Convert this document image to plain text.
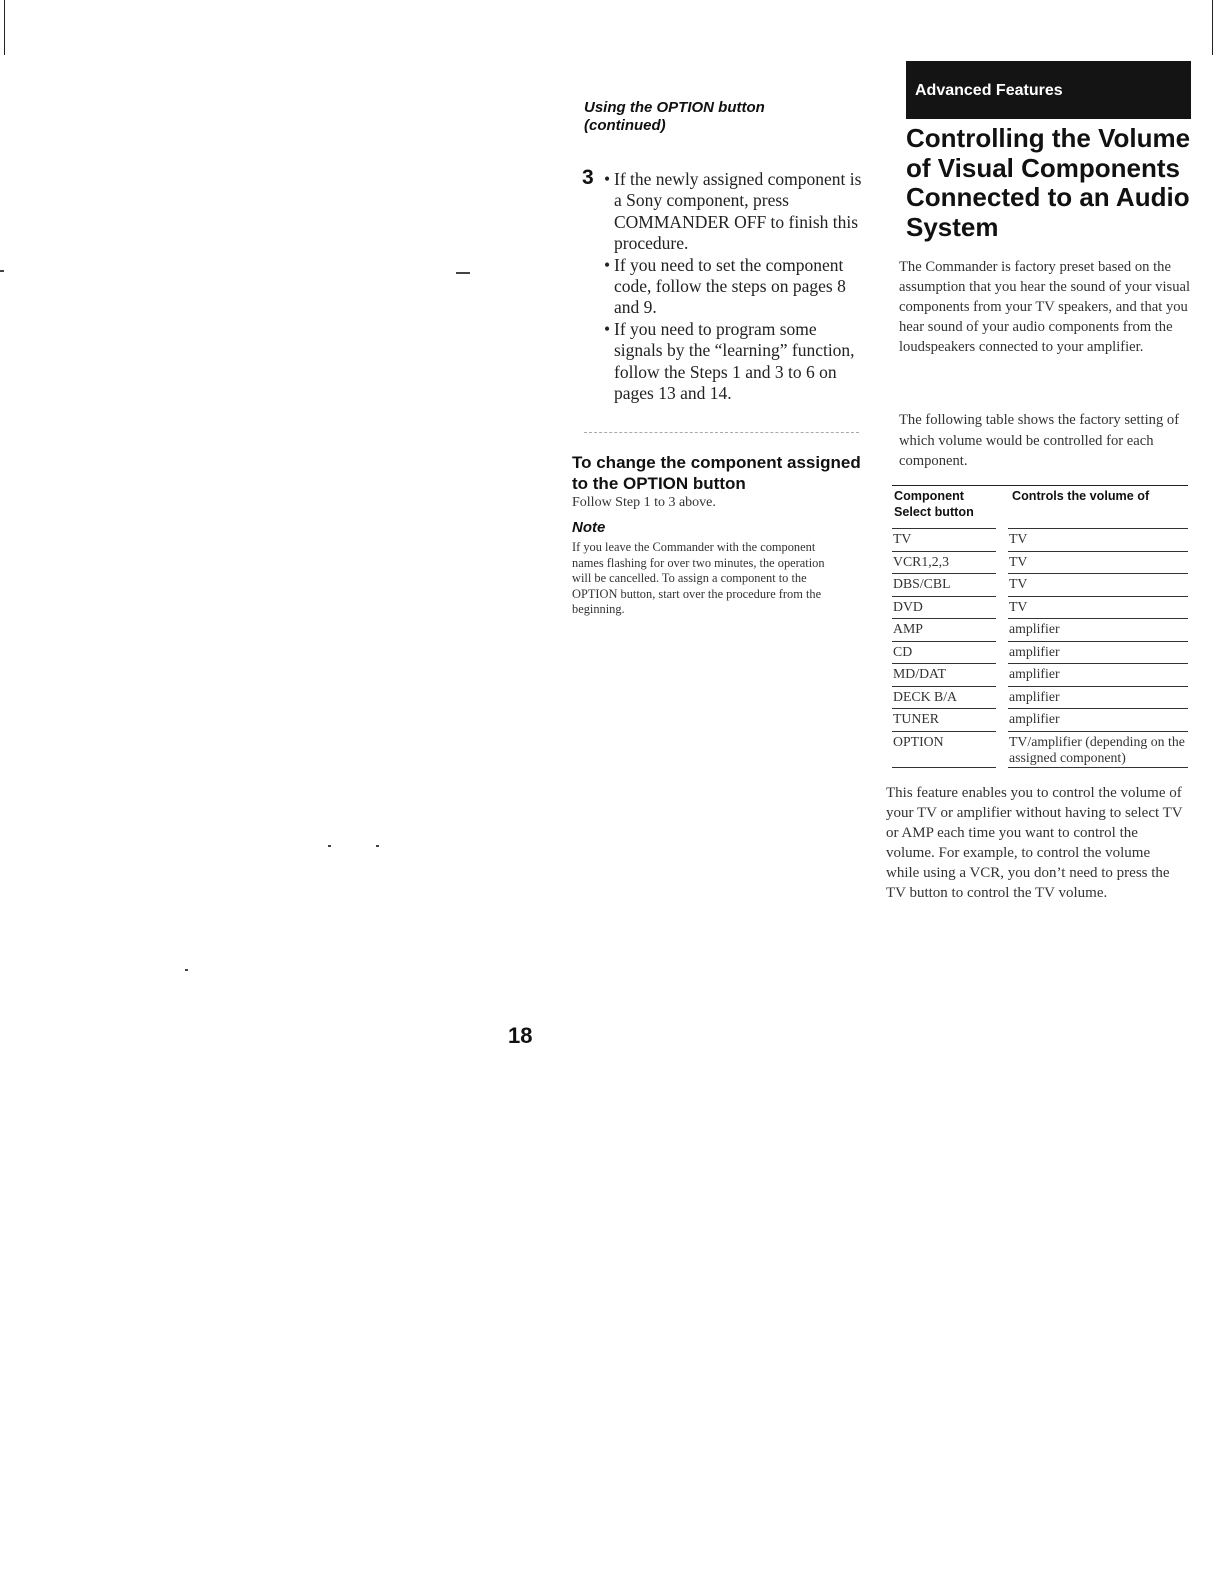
Using the OPTION button (continued)
3
•	If the newly assigned component is a Sony component, press COMMANDER OFF to finish this procedure.
• If you need to set the component code, follow the steps on pages 8 and 9.
• If you need to program some signals by the “learning” function, follow the Steps 1 and 3 to 6 on pages 13 and 14.
To change the component assigned to the OPTION button
Follow Step 1 to 3 above.
Note
If you leave the Commander with the component names flashing for over two minutes, the operation will be cancelled. To assign a component to the OPTION button, start over the procedure from the beginning.
18
Advanced Features
Controlling the Volume of Visual Components Connected to an Audio System

The Commander is factory preset based on the assumption that you hear the sound of your visual components from your TV speakers, and that you hear sound of your audio components from the loudspeakers connected to your amplifier.

The following table shows the factory setting of which volume would be controlled for each component.

Component Select button
Controls the volume of
TV	TV
VCR1,2,3	TV
DBS/CBL	TV
DVD	TV
AMP	amplifier
CD	amplifier
MD/DAT	amplifier
DECK B/A	amplifier
TUNER	amplifier
OPTION	TV/amplifier (depending on the assigned component)

This feature enables you to control the volume of your TV or amplifier without having to select TV or AMP each time you want to control the volume. For example, to control the volume while using a VCR, you don’t need to press the TV button to control the TV volume.
